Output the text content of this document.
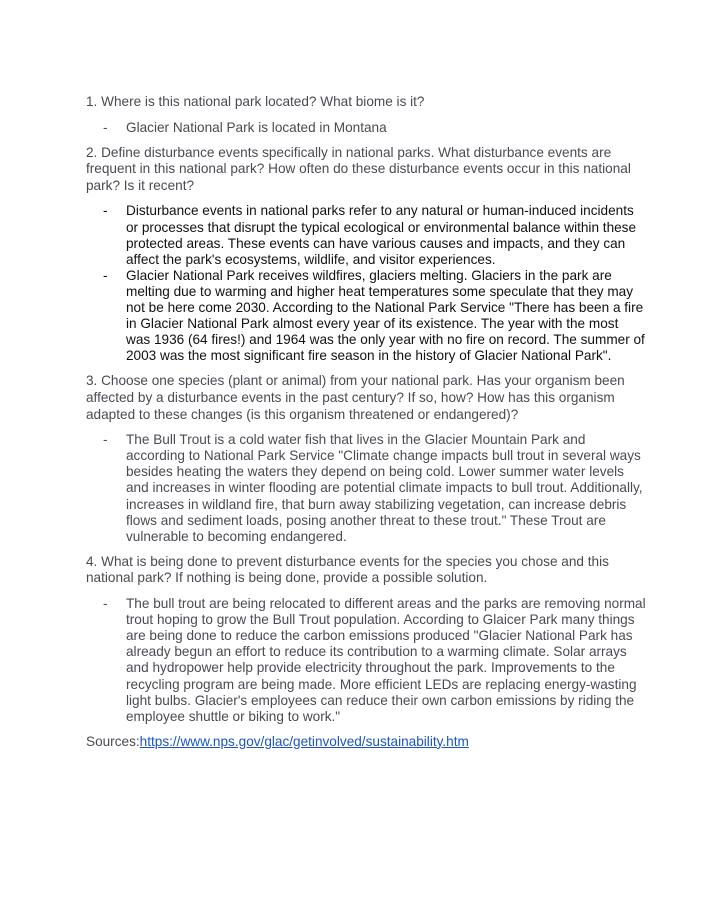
1. Where is this national park located? What biome is it?

- Glacier National Park is located in Montana

2. Define disturbance events specifically in national parks. What disturbance events are frequent in this national park? How often do these disturbance events occur in this national park? Is it recent?

- Disturbance events in national parks refer to any natural or human-induced incidents or processes that disrupt the typical ecological or environmental balance within these protected areas. These events can have various causes and impacts, and they can affect the park's ecosystems, wildlife, and visitor experiences.
- Glacier National Park receives wildfires, glaciers melting. Glaciers in the park are melting due to warming and higher heat temperatures some speculate that they may not be here come 2030. According to the National Park Service "There has been a fire in Glacier National Park almost every year of its existence. The year with the most was 1936 (64 fires!) and 1964 was the only year with no fire on record. The summer of 2003 was the most significant fire season in the history of Glacier National Park".

3. Choose one species (plant or animal) from your national park. Has your organism been affected by a disturbance events in the past century? If so, how? How has this organism adapted to these changes (is this organism threatened or endangered)?

- The Bull Trout is a cold water fish that lives in the Glacier Mountain Park and according to National Park Service "Climate change impacts bull trout in several ways besides heating the waters they depend on being cold. Lower summer water levels and increases in winter flooding are potential climate impacts to bull trout. Additionally, increases in wildland fire, that burn away stabilizing vegetation, can increase debris flows and sediment loads, posing another threat to these trout." These Trout are vulnerable to becoming endangered.

4. What is being done to prevent disturbance events for the species you chose and this national park? If nothing is being done, provide a possible solution.

- The bull trout are being relocated to different areas and the parks are removing normal trout hoping to grow the Bull Trout population. According to Glaicer Park many things are being done to reduce the carbon emissions produced "Glacier National Park has already begun an effort to reduce its contribution to a warming climate. Solar arrays and hydropower help provide electricity throughout the park. Improvements to the recycling program are being made. More efficient LEDs are replacing energy-wasting light bulbs. Glacier's employees can reduce their own carbon emissions by riding the employee shuttle or biking to work."

Sources:https://www.nps.gov/glac/getinvolved/sustainability.htm
